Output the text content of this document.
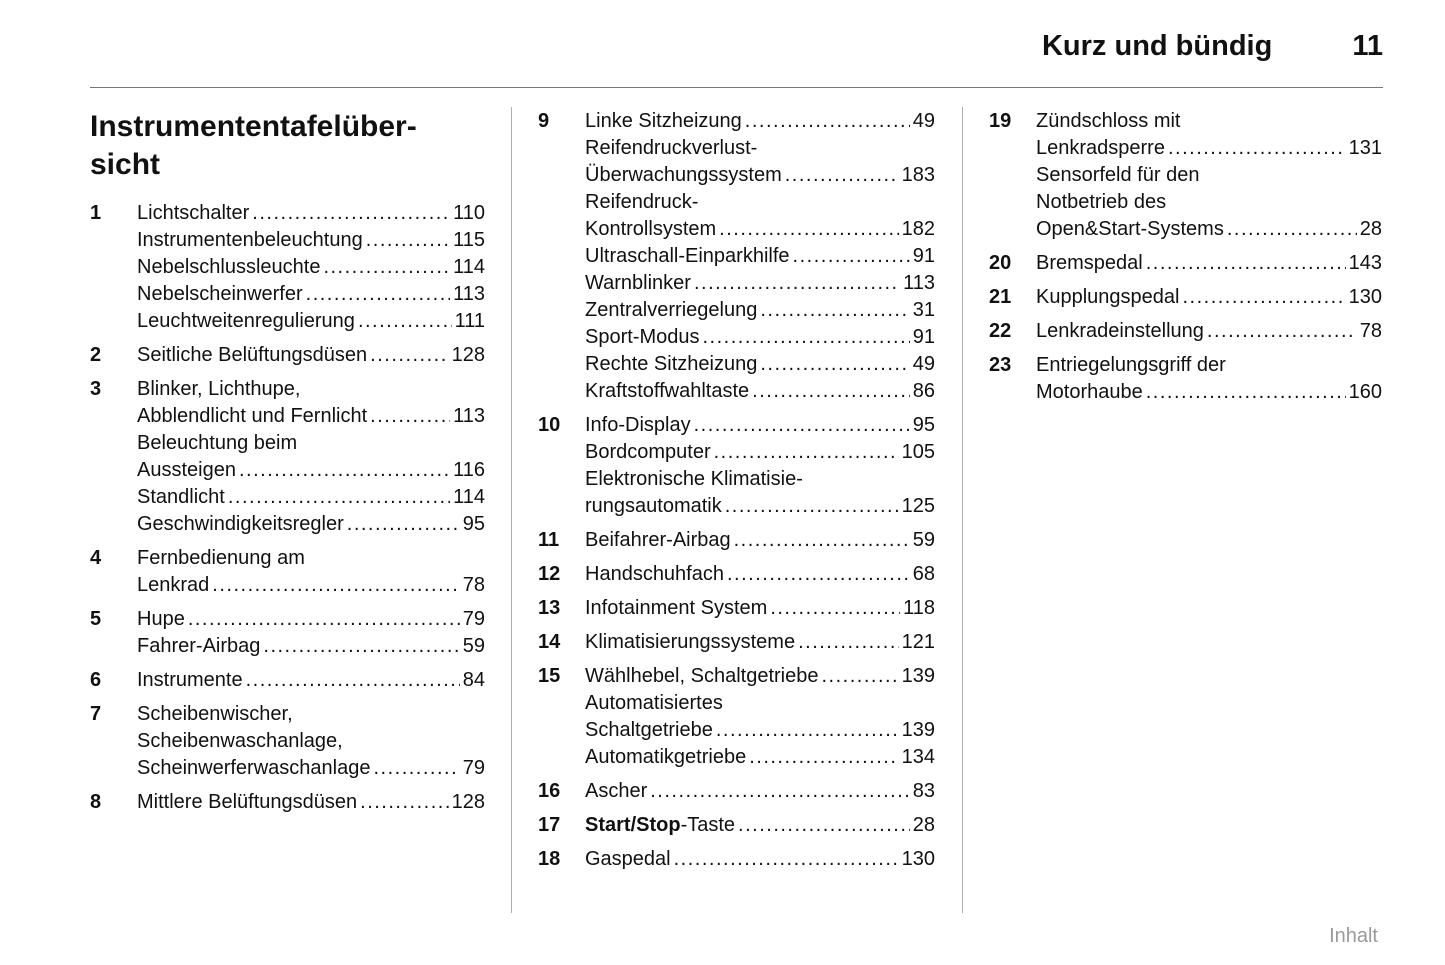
Kurz und bündig	11
Instrumententafelüber-
sicht
1	Lichtschalter .....	110
Instrumentenbeleuchtung .....	115
Nebelschlussleuchte .....	114
Nebelscheinwerfer .....	113
Leuchtweitenregulierung .....	111
2	Seitliche Belüftungsdüsen .....	128
3	Blinker, Lichthupe,
Abblendlicht und Fernlicht .....	113
Beleuchtung beim
Aussteigen .....	116
Standlicht .....	114
Geschwindigkeitsregler .....	95
4	Fernbedienung am
Lenkrad .....	78
5	Hupe .....	79
Fahrer-Airbag .....	59
6	Instrumente .....	84
7	Scheibenwischer,
Scheibenwaschanlage,
Scheinwerferwaschanlage .....	79
8	Mittlere Belüftungsdüsen .....	128
9	Linke Sitzheizung .....	49
Reifendruckverlust-
Überwachungssystem .....	183
Reifendruck-
Kontrollsystem .....	182
Ultraschall-Einparkhilfe .....	91
Warnblinker .....	113
Zentralverriegelung .....	31
Sport-Modus .....	91
Rechte Sitzheizung .....	49
Kraftstoffwahltaste .....	86
10	Info-Display .....	95
Bordcomputer .....	105
Elektronische Klimatisie-
rungsautomatik .....	125
11	Beifahrer-Airbag .....	59
12	Handschuhfach .....	68
13	Infotainment System .....	118
14	Klimatisierungssysteme .....	121
15	Wählhebel, Schaltgetriebe .....	139
Automatisiertes
Schaltgetriebe .....	139
Automatikgetriebe .....	134
16	Ascher .....	83
17	Start/Stop-Taste .....	28
18	Gaspedal .....	130
19	Zündschloss mit
Lenkradsperre .....	131
Sensorfeld für den
Notbetrieb des
Open&Start-Systems .....	28
20	Bremspedal .....	143
21	Kupplungspedal .....	130
22	Lenkradeinstellung .....	78
23	Entriegelungsgriff der
Motorhaube .....	160
Inhalt
